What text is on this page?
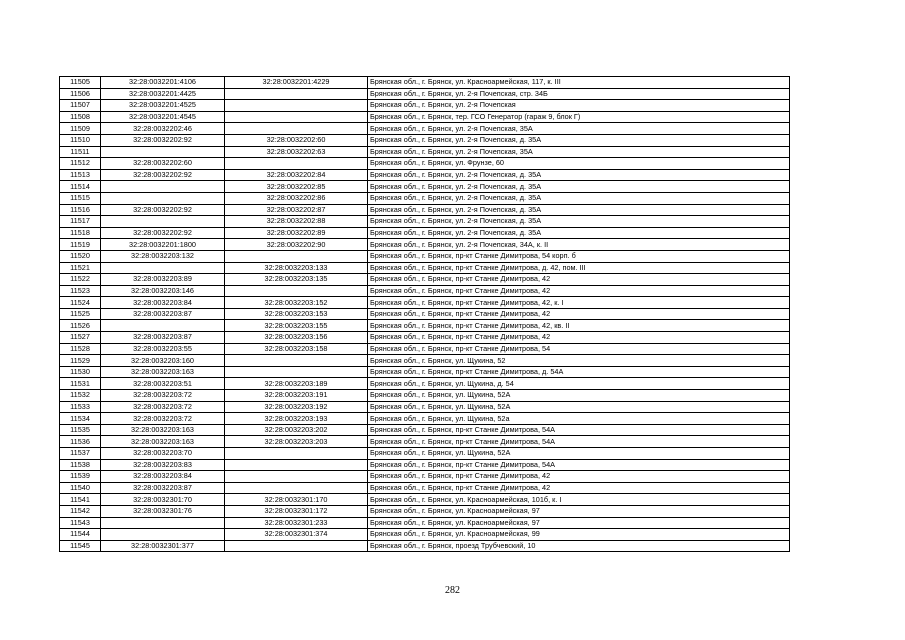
11505	32:28:0032201:4106	32:28:0032201:4229	Брянская обл., г. Брянск, ул. Красноармейская, 117, к. III
11506	32:28:0032201:4425		Брянская обл., г. Брянск, ул. 2-я Почепская, стр. 34Б
11507	32:28:0032201:4525		Брянская обл., г. Брянск, ул. 2-я Почепская
11508	32:28:0032201:4545		Брянская обл., г. Брянск, тер. ГСО Генератор (гараж 9, блок Г)
11509	32:28:0032202:46		Брянская обл., г. Брянск, ул. 2-я Почепская, 35А
11510	32:28:0032202:92	32:28:0032202:60	Брянская обл., г. Брянск, ул. 2-я Почепская, д. 35А
11511		32:28:0032202:63	Брянская обл., г. Брянск, ул. 2-я Почепская, 35А
11512	32:28:0032202:60		Брянская обл., г. Брянск, ул. Фрунзе, 60
11513	32:28:0032202:92	32:28:0032202:84	Брянская обл., г. Брянск, ул. 2-я Почепская, д. 35А
11514		32:28:0032202:85	Брянская обл., г. Брянск, ул. 2-я Почепская, д. 35А
11515		32:28:0032202:86	Брянская обл., г. Брянск, ул. 2-я Почепская, д. 35А
11516	32:28:0032202:92	32:28:0032202:87	Брянская обл., г. Брянск, ул. 2-я Почепская, д. 35А
11517		32:28:0032202:88	Брянская обл., г. Брянск, ул. 2-я Почепская, д. 35А
11518	32:28:0032202:92	32:28:0032202:89	Брянская обл., г. Брянск, ул. 2-я Почепская, д. 35А
11519	32:28:0032201:1800	32:28:0032202:90	Брянская обл., г. Брянск, ул. 2-я Почепская, 34А, к. II
11520	32:28:0032203:132		Брянская обл., г. Брянск, пр-кт Станке Димитрова, 54 корп. б
11521		32:28:0032203:133	Брянская обл., г. Брянск, пр-кт Станке Димитрова, д. 42, пом. III
11522	32:28:0032203:89	32:28:0032203:135	Брянская обл., г. Брянск, пр-кт Станке Димитрова, 42
11523	32:28:0032203:146		Брянская обл., г. Брянск, пр-кт Станке Димитрова, 42
11524	32:28:0032203:84	32:28:0032203:152	Брянская обл., г. Брянск, пр-кт Станке Димитрова, 42, к. I
11525	32:28:0032203:87	32:28:0032203:153	Брянская обл., г. Брянск, пр-кт Станке Димитрова, 42
11526		32:28:0032203:155	Брянская обл., г. Брянск, пр-кт Станке Димитрова, 42, кв. II
11527	32:28:0032203:87	32:28:0032203:156	Брянская обл., г. Брянск, пр-кт Станке Димитрова, 42
11528	32:28:0032203:55	32:28:0032203:158	Брянская обл., г. Брянск, пр-кт Станке Димитрова, 54
11529	32:28:0032203:160		Брянская обл., г. Брянск, ул. Щукина, 52
11530	32:28:0032203:163		Брянская обл., г. Брянск, пр-кт Станке Димитрова, д. 54А
11531	32:28:0032203:51	32:28:0032203:189	Брянская обл., г. Брянск, ул. Щукина, д. 54
11532	32:28:0032203:72	32:28:0032203:191	Брянская обл., г. Брянск, ул. Щукина, 52А
11533	32:28:0032203:72	32:28:0032203:192	Брянская обл., г. Брянск, ул. Щукина, 52А
11534	32:28:0032203:72	32:28:0032203:193	Брянская обл., г. Брянск, ул. Щукина, 52а
11535	32:28:0032203:163	32:28:0032203:202	Брянская обл., г. Брянск, пр-кт Станке Димитрова, 54А
11536	32:28:0032203:163	32:28:0032203:203	Брянская обл., г. Брянск, пр-кт Станке Димитрова, 54А
11537	32:28:0032203:70		Брянская обл., г. Брянск, ул. Щукина, 52А
11538	32:28:0032203:83		Брянская обл., г. Брянск, пр-кт Станке Димитрова, 54А
11539	32:28:0032203:84		Брянская обл., г. Брянск, пр-кт Станке Димитрова, 42
11540	32:28:0032203:87		Брянская обл., г. Брянск, пр-кт Станке Димитрова, 42
11541	32:28:0032301:70	32:28:0032301:170	Брянская обл., г. Брянск, ул. Красноармейская, 101б, к. I
11542	32:28:0032301:76	32:28:0032301:172	Брянская обл., г. Брянск, ул. Красноармейская, 97
11543		32:28:0032301:233	Брянская обл., г. Брянск, ул. Красноармейская, 97
11544		32:28:0032301:374	Брянская обл., г. Брянск, ул. Красноармейская, 99
11545	32:28:0032301:377		Брянская обл., г. Брянск, проезд Трубчевский, 10
282
